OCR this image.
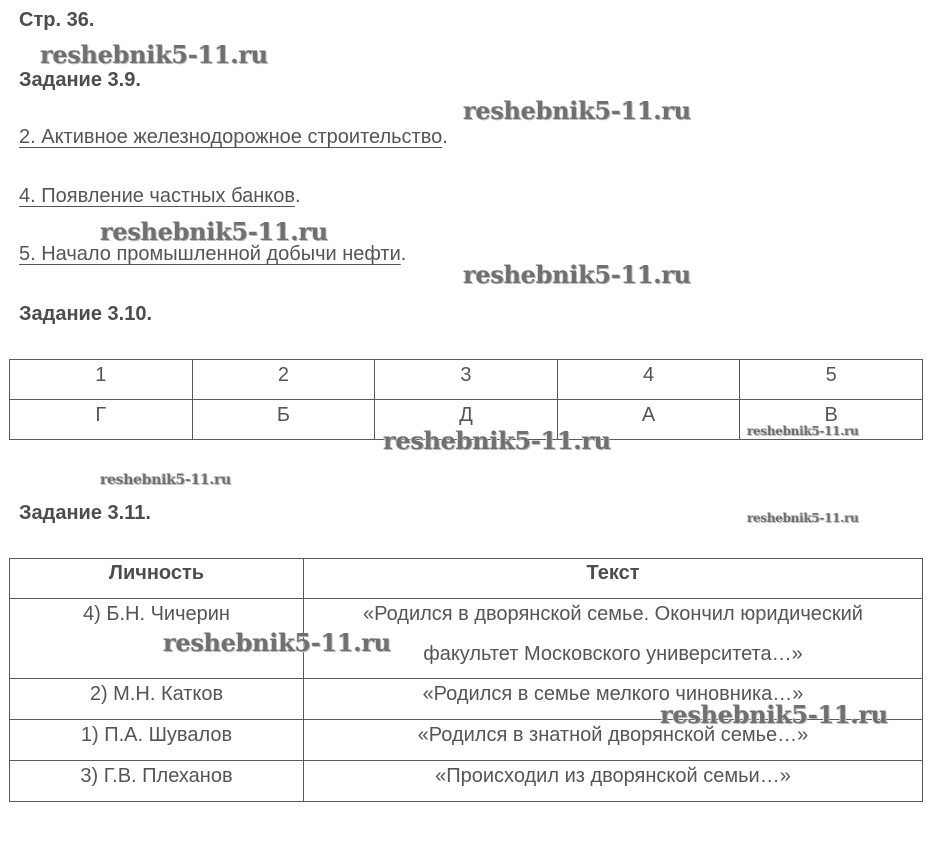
Стр. 36.
Задание 3.9.
2. Активное железнодорожное строительство.
4. Появление частных банков.
5. Начало промышленной добычи нефти.
Задание 3.10.
1	2	3	4	5
Г	Б	Д	А	В
Задание 3.11.
Личность	Текст

4) Б.Н. Чичерин	«Родился в дворянской семье. Окончил юридический
факультет Московского университета…»

2) М.Н. Катков	«Родился в семье мелкого чиновника…»

1) П.А. Шувалов	«Родился в знатной дворянской семье…»

3) Г.В. Плеханов	«Происходил из дворянской семьи…»
reshebnik5-11.ru
reshebnik5-11.ru
reshebnik5-11.ru
reshebnik5-11.ru
reshebnik5-11.ru	reshebnik5-11.ru
reshebnik5-11.ru
reshebnik5-11.ru
reshebnik5-11.ru
reshebnik5-11.ru
